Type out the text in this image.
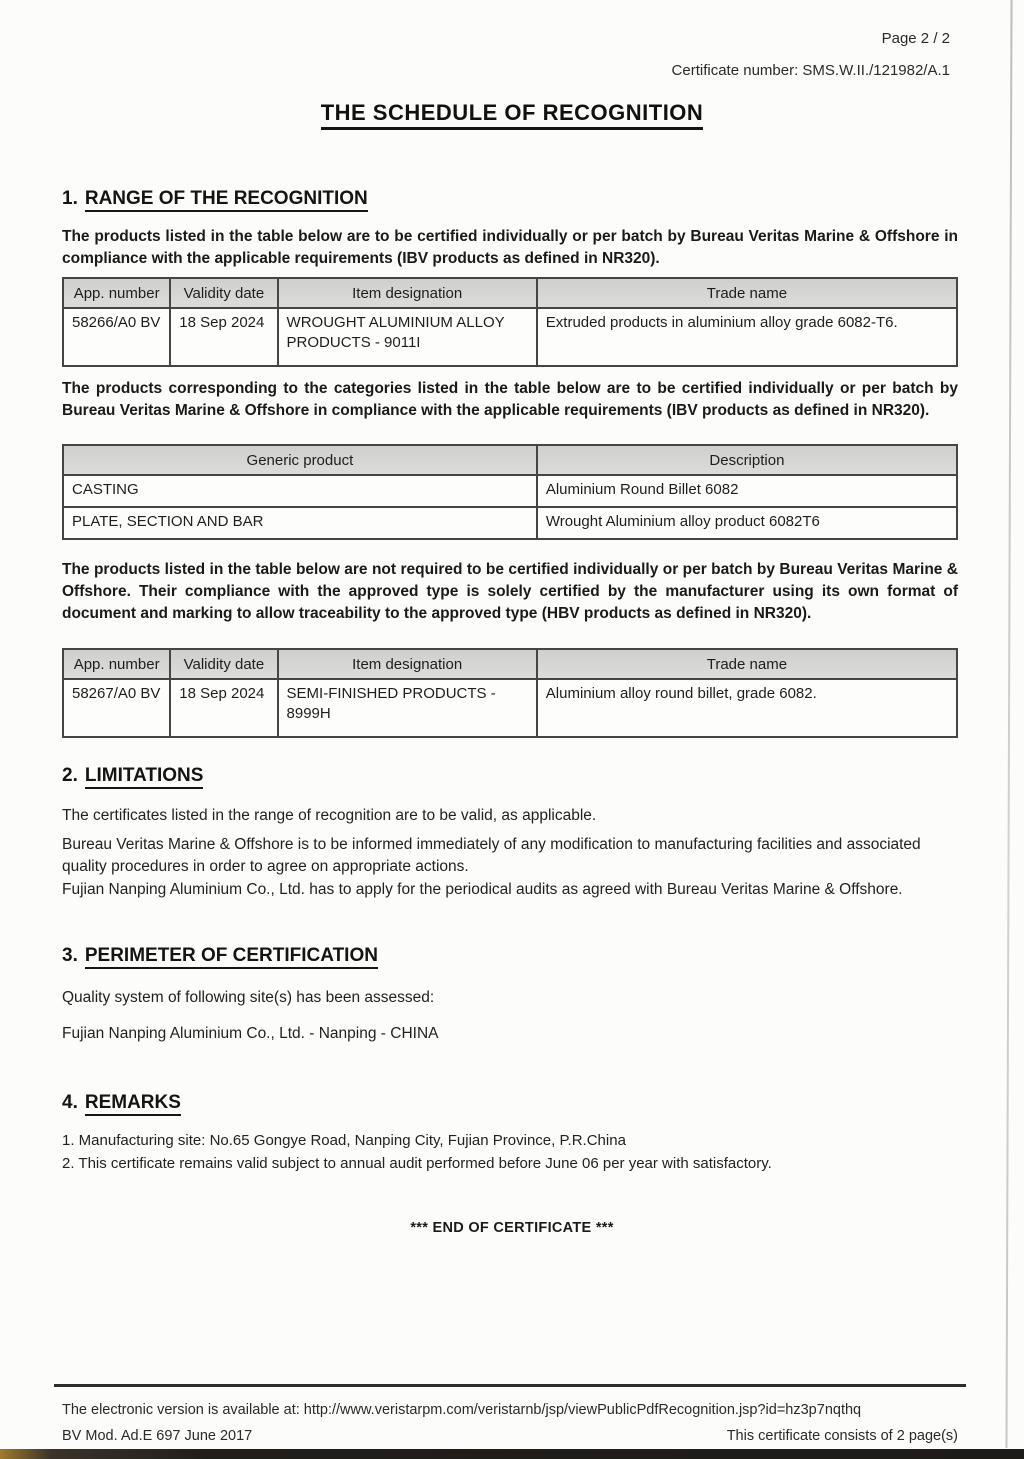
Page 2 / 2
Certificate number: SMS.W.II./121982/A.1
THE SCHEDULE OF RECOGNITION
1. RANGE OF THE RECOGNITION
The products listed in the table below are to be certified individually or per batch by Bureau Veritas Marine & Offshore in compliance with the applicable requirements (IBV products as defined in NR320).
App. number	Validity date	Item designation	Trade name
58266/A0 BV	18 Sep 2024	WROUGHT ALUMINIUM ALLOY PRODUCTS - 9011I	Extruded products in aluminium alloy grade 6082-T6.
The products corresponding to the categories listed in the table below are to be certified individually or per batch by Bureau Veritas Marine & Offshore in compliance with the applicable requirements (IBV products as defined in NR320).
Generic product	Description
CASTING	Aluminium Round Billet 6082
PLATE, SECTION AND BAR	Wrought Aluminium alloy product 6082T6
The products listed in the table below are not required to be certified individually or per batch by Bureau Veritas Marine & Offshore. Their compliance with the approved type is solely certified by the manufacturer using its own format of document and marking to allow traceability to the approved type (HBV products as defined in NR320).
App. number	Validity date	Item designation	Trade name
58267/A0 BV	18 Sep 2024	SEMI-FINISHED PRODUCTS - 8999H	Aluminium alloy round billet, grade 6082.
2. LIMITATIONS
The certificates listed in the range of recognition are to be valid, as applicable.
Bureau Veritas Marine & Offshore is to be informed immediately of any modification to manufacturing facilities and associated quality procedures in order to agree on appropriate actions.
Fujian Nanping Aluminium Co., Ltd. has to apply for the periodical audits as agreed with Bureau Veritas Marine & Offshore.
3. PERIMETER OF CERTIFICATION
Quality system of following site(s) has been assessed:
Fujian Nanping Aluminium Co., Ltd. - Nanping - CHINA
4. REMARKS
1. Manufacturing site: No.65 Gongye Road, Nanping City, Fujian Province, P.R.China
2. This certificate remains valid subject to annual audit performed before June 06 per year with satisfactory.
*** END OF CERTIFICATE ***
The electronic version is available at: http://www.veristarpm.com/veristarnb/jsp/viewPublicPdfRecognition.jsp?id=hz3p7nqthq
BV Mod. Ad.E 697 June 2017	This certificate consists of 2 page(s)
